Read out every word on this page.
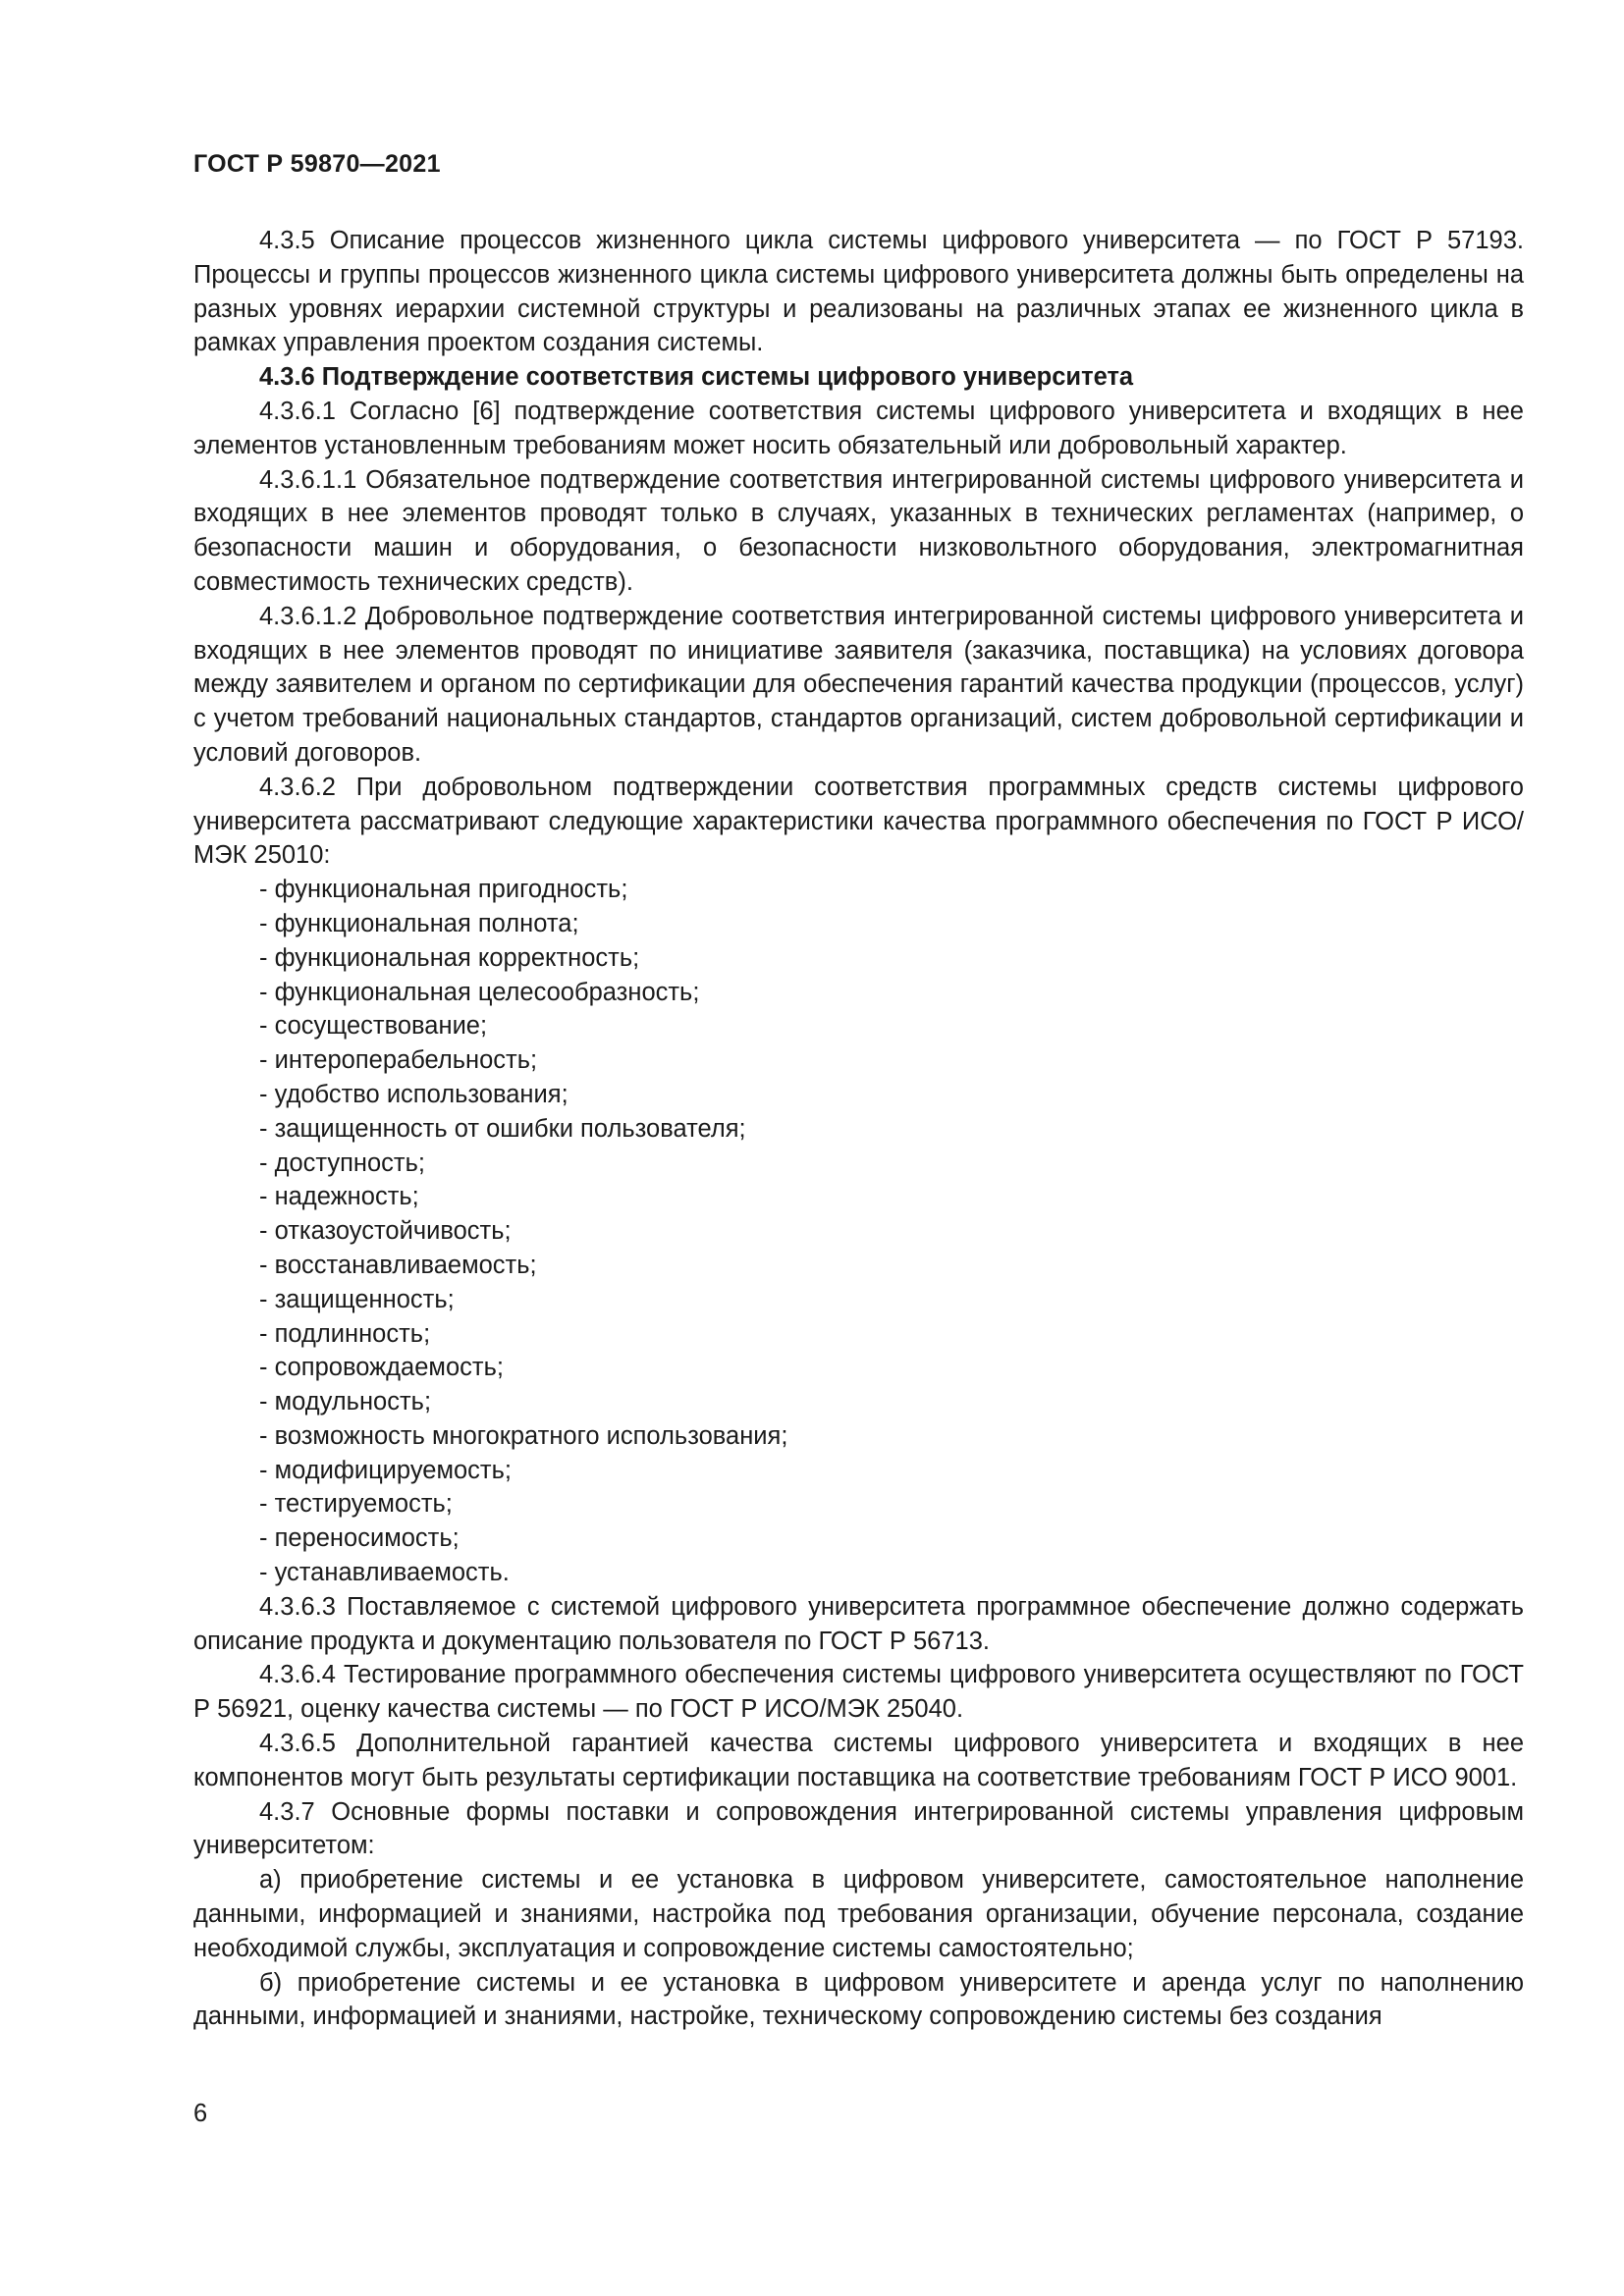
ГОСТ Р 59870—2021

4.3.5 Описание процессов жизненного цикла системы цифрового университета — по ГОСТ Р 57193. Процессы и группы процессов жизненного цикла системы цифрового университета должны быть определены на разных уровнях иерархии системной структуры и реализованы на различных этапах ее жизненного цикла в рамках управления проектом создания системы.

4.3.6 Подтверждение соответствия системы цифрового университета

4.3.6.1 Согласно [6] подтверждение соответствия системы цифрового университета и входящих в нее элементов установленным требованиям может носить обязательный или добровольный характер.

4.3.6.1.1 Обязательное подтверждение соответствия интегрированной системы цифрового университета и входящих в нее элементов проводят только в случаях, указанных в технических регламентах (например, о безопасности машин и оборудования, о безопасности низковольтного оборудования, электромагнитная совместимость технических средств).

4.3.6.1.2 Добровольное подтверждение соответствия интегрированной системы цифрового университета и входящих в нее элементов проводят по инициативе заявителя (заказчика, поставщика) на условиях договора между заявителем и органом по сертификации для обеспечения гарантий качества продукции (процессов, услуг) с учетом требований национальных стандартов, стандартов организаций, систем добровольной сертификации и условий договоров.

4.3.6.2 При добровольном подтверждении соответствия программных средств системы цифрового университета рассматривают следующие характеристики качества программного обеспечения по ГОСТ Р ИСО/МЭК 25010:

- функциональная пригодность;
- функциональная полнота;
- функциональная корректность;
- функциональная целесообразность;
- сосуществование;
- интероперабельность;
- удобство использования;
- защищенность от ошибки пользователя;
- доступность;
- надежность;
- отказоустойчивость;
- восстанавливаемость;
- защищенность;
- подлинность;
- сопровождаемость;
- модульность;
- возможность многократного использования;
- модифицируемость;
- тестируемость;
- переносимость;
- устанавливаемость.

4.3.6.3 Поставляемое с системой цифрового университета программное обеспечение должно содержать описание продукта и документацию пользователя по ГОСТ Р 56713.

4.3.6.4 Тестирование программного обеспечения системы цифрового университета осуществляют по ГОСТ Р 56921, оценку качества системы — по ГОСТ Р ИСО/МЭК 25040.

4.3.6.5 Дополнительной гарантией качества системы цифрового университета и входящих в нее компонентов могут быть результаты сертификации поставщика на соответствие требованиям ГОСТ Р ИСО 9001.

4.3.7 Основные формы поставки и сопровождения интегрированной системы управления цифровым университетом:

а) приобретение системы и ее установка в цифровом университете, самостоятельное наполнение данными, информацией и знаниями, настройка под требования организации, обучение персонала, создание необходимой службы, эксплуатация и сопровождение системы самостоятельно;

б) приобретение системы и ее установка в цифровом университете и аренда услуг по наполнению данными, информацией и знаниями, настройке, техническому сопровождению системы без создания

6
